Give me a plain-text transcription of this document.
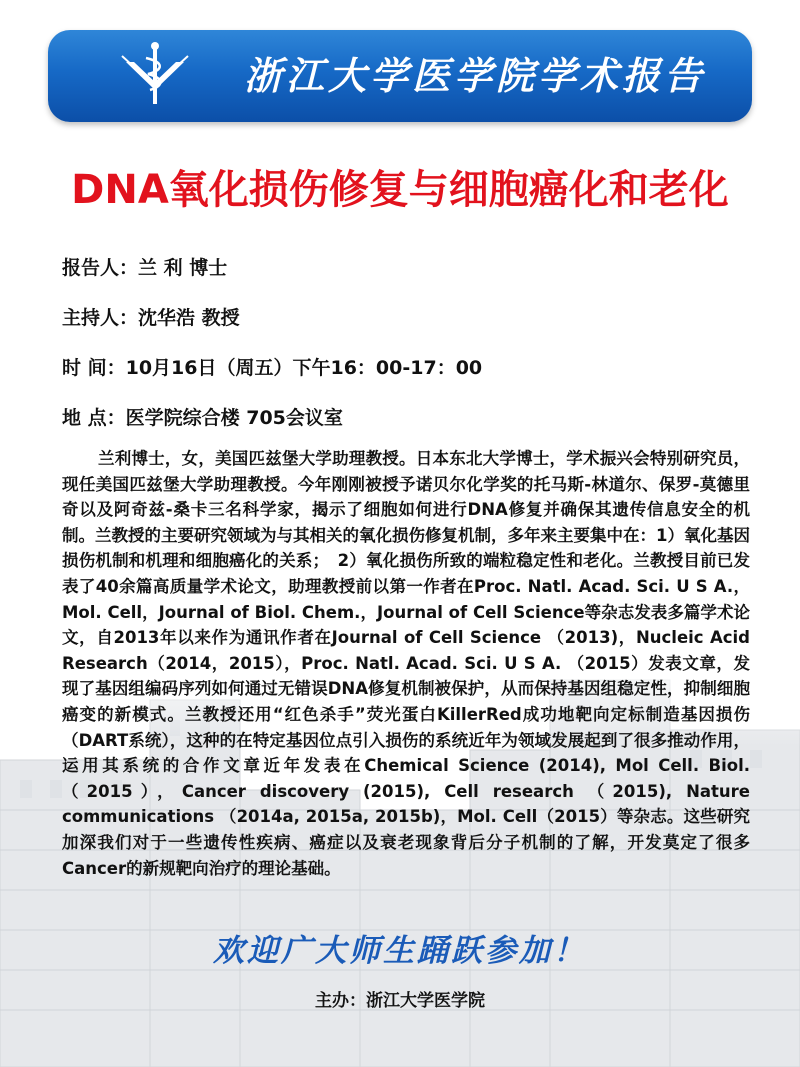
浙江大学医学院学术报告
DNA氧化损伤修复与细胞癌化和老化
报告人：兰 利 博士
主持人：沈华浩 教授
时 间：10月16日（周五）下午16：00-17：00
地 点：医学院综合楼 705会议室

兰利博士，女，美国匹兹堡大学助理教授。日本东北大学博士，学术振兴会特别研究员，现任美国匹兹堡大学助理教授。今年刚刚被授予诺贝尔化学奖的托马斯-林道尔、保罗-莫德里奇以及阿奇兹-桑卡三名科学家，揭示了细胞如何进行DNA修复并确保其遗传信息安全的机制。兰教授的主要研究领域为与其相关的氧化损伤修复机制，多年来主要集中在：1）氧化基因损伤机制和机理和细胞癌化的关系；　2）氧化损伤所致的端粒稳定性和老化。兰教授目前已发表了40余篇高质量学术论文，助理教授前以第一作者在Proc. Natl. Acad. Sci. U S A.，Mol. Cell，Journal of Biol. Chem.，Journal of Cell Science等杂志发表多篇学术论文，自2013年以来作为通讯作者在Journal of Cell Science （2013)，Nucleic Acid Research（2014，2015），Proc. Natl. Acad. Sci. U S A. （2015）发表文章，发现了基因组编码序列如何通过无错误DNA修复机制被保护，从而保持基因组稳定性，抑制细胞癌变的新模式。兰教授还用“红色杀手”荧光蛋白KillerRed成功地靶向定标制造基因损伤（DART系统），这种的在特定基因位点引入损伤的系统近年为领域发展起到了很多推动作用，运用其系统的合作文章近年发表在Chemical Science (2014), Mol Cell. Biol.（2015），Cancer discovery (2015), Cell research （2015), Nature communications （2014a, 2015a, 2015b)，Mol. Cell（2015）等杂志。这些研究加深我们对于一些遗传性疾病、癌症以及衰老现象背后分子机制的了解，开发莫定了很多Cancer的新规靶向治疗的理论基础。

欢迎广大师生踊跃参加！
主办：浙江大学医学院
